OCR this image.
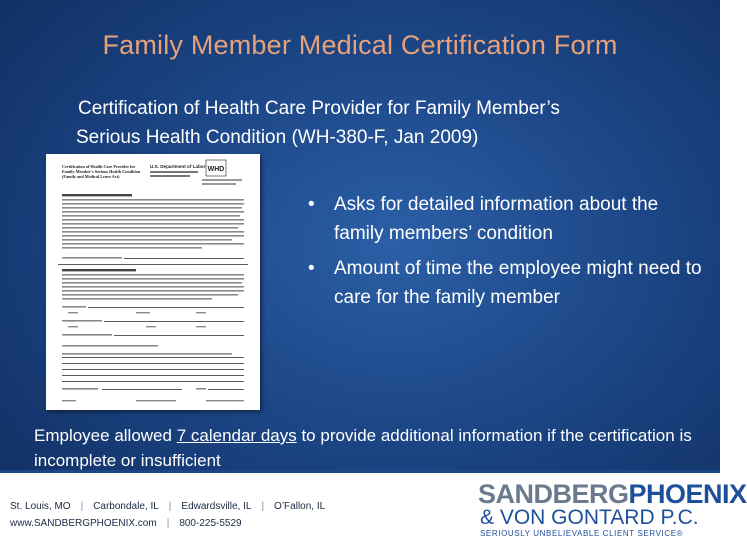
Family Member Medical Certification Form
Certification of Health Care Provider for Family Member’s
Serious Health Condition (WH-380-F, Jan 2009)
Certification of Health Care Provider for
Family Member's Serious Health Condition
(Family and Medical Leave Act)
U.S. Department of Labor WHD
• Asks for detailed information about the family members’ condition
• Amount of time the employee might need to care for the family member
Employee allowed 7 calendar days to provide additional information if the certification is incomplete or insufficient
St. Louis, MO | Carbondale, IL | Edwardsville, IL | O’Fallon, IL
www.SANDBERGPHOENIX.com | 800-225-5529
SANDBERGPHOENIX
& VON GONTARD P.C.
SERIOUSLY UNBELIEVABLE CLIENT SERVICE®
